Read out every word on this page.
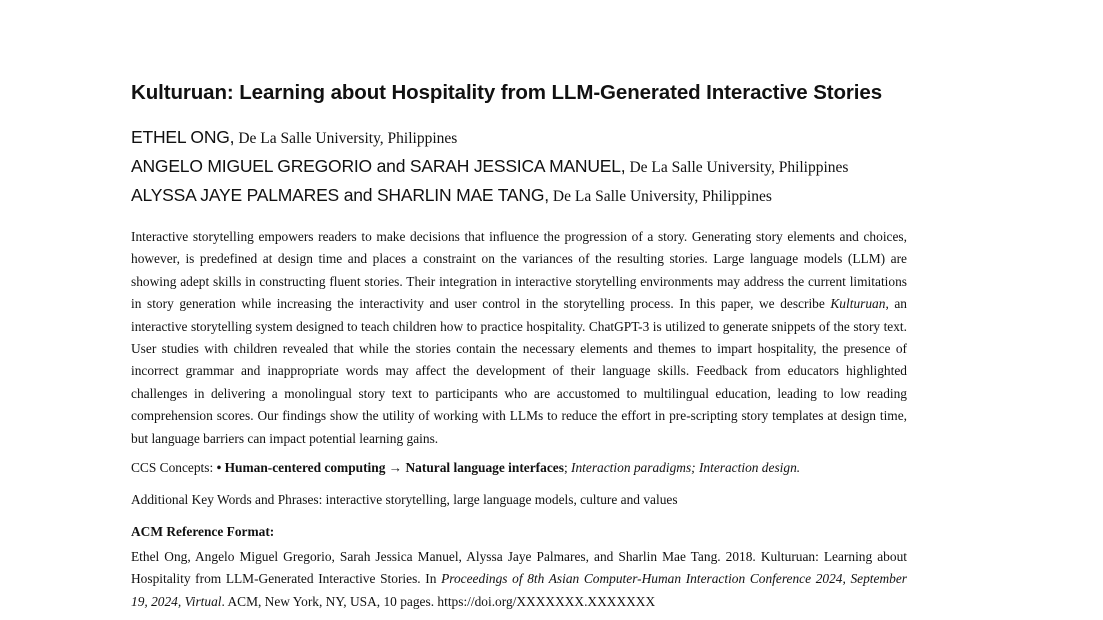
Kulturuan: Learning about Hospitality from LLM-Generated Interactive Stories
ETHEL ONG, De La Salle University, Philippines
ANGELO MIGUEL GREGORIO and SARAH JESSICA MANUEL, De La Salle University, Philippines
ALYSSA JAYE PALMARES and SHARLIN MAE TANG, De La Salle University, Philippines
Interactive storytelling empowers readers to make decisions that influence the progression of a story. Generating story elements and choices, however, is predefined at design time and places a constraint on the variances of the resulting stories. Large language models (LLM) are showing adept skills in constructing fluent stories. Their integration in interactive storytelling environments may address the current limitations in story generation while increasing the interactivity and user control in the storytelling process. In this paper, we describe Kulturuan, an interactive storytelling system designed to teach children how to practice hospitality. ChatGPT-3 is utilized to generate snippets of the story text. User studies with children revealed that while the stories contain the necessary elements and themes to impart hospitality, the presence of incorrect grammar and inappropriate words may affect the development of their language skills. Feedback from educators highlighted challenges in delivering a monolingual story text to participants who are accustomed to multilingual education, leading to low reading comprehension scores. Our findings show the utility of working with LLMs to reduce the effort in pre-scripting story templates at design time, but language barriers can impact potential learning gains.
CCS Concepts: • Human-centered computing → Natural language interfaces; Interaction paradigms; Interaction design.
Additional Key Words and Phrases: interactive storytelling, large language models, culture and values
ACM Reference Format:
Ethel Ong, Angelo Miguel Gregorio, Sarah Jessica Manuel, Alyssa Jaye Palmares, and Sharlin Mae Tang. 2018. Kulturuan: Learning about Hospitality from LLM-Generated Interactive Stories. In Proceedings of 8th Asian Computer-Human Interaction Conference 2024, September 19, 2024, Virtual. ACM, New York, NY, USA, 10 pages. https://doi.org/XXXXXXX.XXXXXXX
